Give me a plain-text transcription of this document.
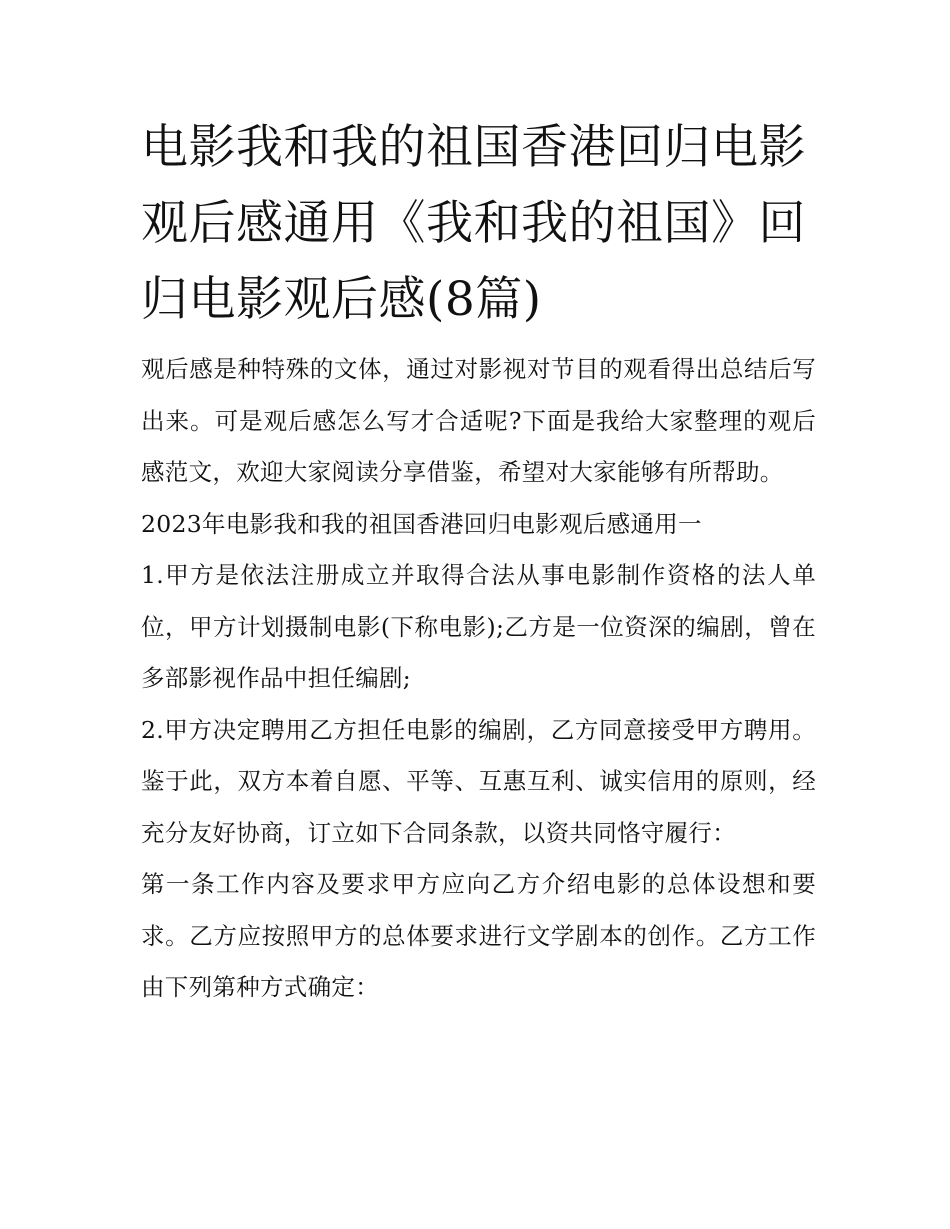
电影我和我的祖国香港回归电影观后感通用《我和我的祖国》回归电影观后感(8篇)

观后感是种特殊的文体，通过对影视对节目的观看得出总结后写出来。可是观后感怎么写才合适呢?下面是我给大家整理的观后感范文，欢迎大家阅读分享借鉴，希望对大家能够有所帮助。

2023年电影我和我的祖国香港回归电影观后感通用一

1.甲方是依法注册成立并取得合法从事电影制作资格的法人单位，甲方计划摄制电影(下称电影);乙方是一位资深的编剧，曾在多部影视作品中担任编剧;

2.甲方决定聘用乙方担任电影的编剧，乙方同意接受甲方聘用。鉴于此，双方本着自愿、平等、互惠互利、诚实信用的原则，经充分友好协商，订立如下合同条款，以资共同恪守履行：

第一条工作内容及要求甲方应向乙方介绍电影的总体设想和要求。乙方应按照甲方的总体要求进行文学剧本的创作。乙方工作由下列第种方式确定：
